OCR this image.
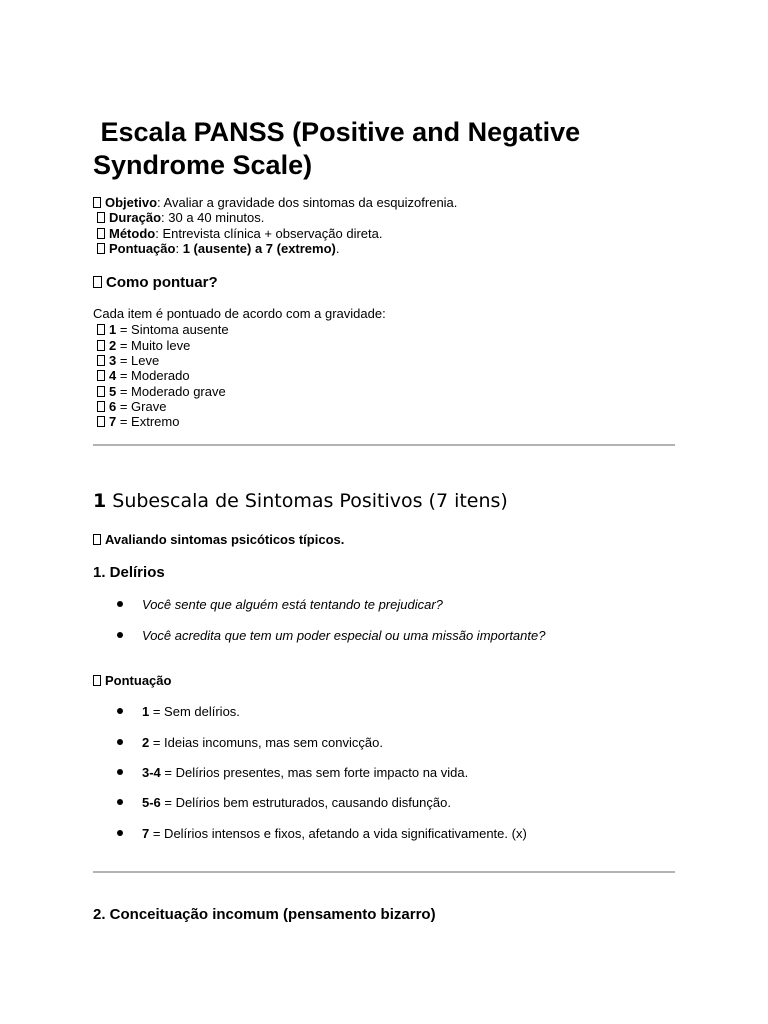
Escala PANSS (Positive and Negative Syndrome Scale)
Objetivo: Avaliar a gravidade dos sintomas da esquizofrenia.
Duração: 30 a 40 minutos.
Método: Entrevista clínica + observação direta.
Pontuação: 1 (ausente) a 7 (extremo).
Como pontuar?
Cada item é pontuado de acordo com a gravidade:
1 = Sintoma ausente
2 = Muito leve
3 = Leve
4 = Moderado
5 = Moderado grave
6 = Grave
7 = Extremo
1 Subescala de Sintomas Positivos (7 itens)
Avaliando sintomas psicóticos típicos.
1. Delírios
Você sente que alguém está tentando te prejudicar?
Você acredita que tem um poder especial ou uma missão importante?
Pontuação
1 = Sem delírios.
2 = Ideias incomuns, mas sem convicção.
3-4 = Delírios presentes, mas sem forte impacto na vida.
5-6 = Delírios bem estruturados, causando disfunção.
7 = Delírios intensos e fixos, afetando a vida significativamente. (x)
2. Conceituação incomum (pensamento bizarro)
